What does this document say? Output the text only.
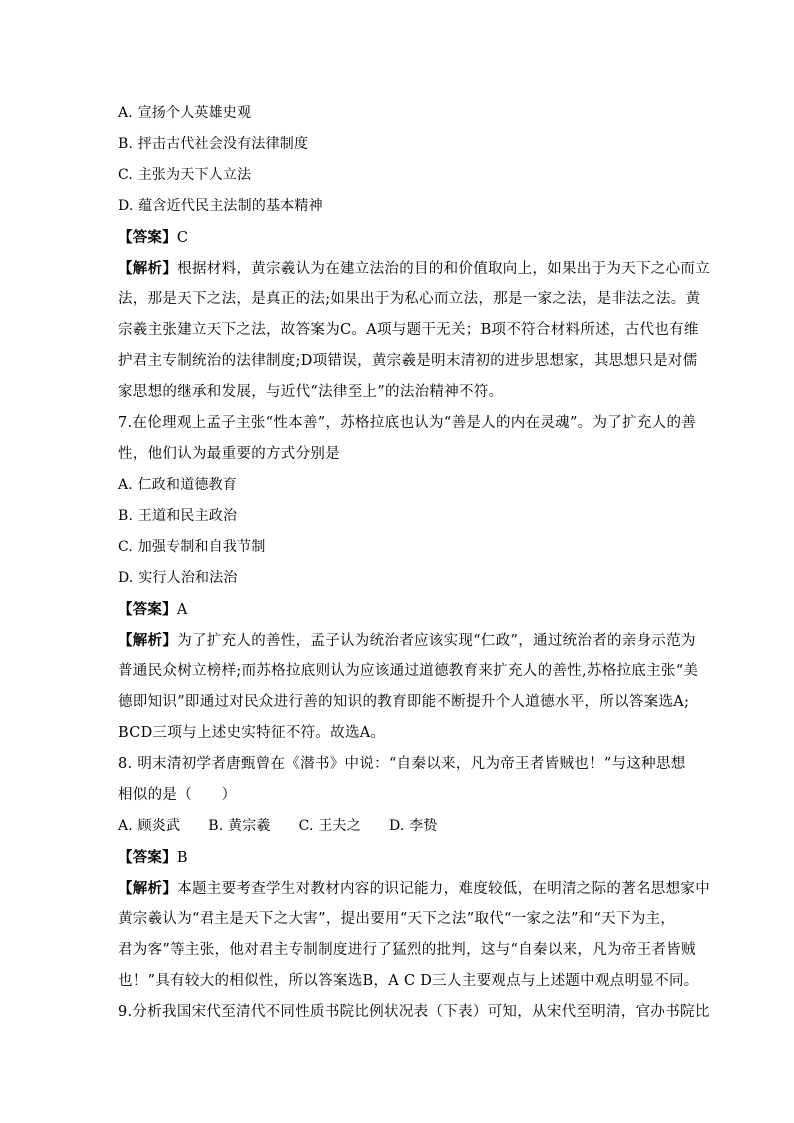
A. 宣扬个人英雄史观
B. 抨击古代社会没有法律制度
C. 主张为天下人立法
D. 蕴含近代民主法制的基本精神
【答案】C
【解析】根据材料，黄宗羲认为在建立法治的目的和价值取向上，如果出于为天下之心而立
法，那是天下之法，是真正的法;如果出于为私心而立法，那是一家之法，是非法之法。黄
宗羲主张建立天下之法，故答案为C。A项与题干无关；B项不符合材料所述，古代也有维
护君主专制统治的法律制度;D项错误，黄宗羲是明末清初的进步思想家，其思想只是对儒
家思想的继承和发展，与近代“法律至上”的法治精神不符。
7.在伦理观上孟子主张“性本善”，苏格拉底也认为“善是人的内在灵魂”。为了扩充人的善
性，他们认为最重要的方式分别是
A. 仁政和道德教育
B. 王道和民主政治
C. 加强专制和自我节制
D. 实行人治和法治
【答案】A
【解析】为了扩充人的善性，孟子认为统治者应该实现“仁政”，通过统治者的亲身示范为
普通民众树立榜样;而苏格拉底则认为应该通过道德教育来扩充人的善性,苏格拉底主张“美
德即知识”即通过对民众进行善的知识的教育即能不断提升个人道德水平，所以答案选A;
BCD三项与上述史实特征不符。故选A。
8. 明末清初学者唐甄曾在《潜书》中说：“自秦以来，凡为帝王者皆贼也！”与这种思想
相似的是（　　）
A. 顾炎武 B. 黄宗羲 C. 王夫之 D. 李贽
【答案】B
【解析】本题主要考查学生对教材内容的识记能力，难度较低，在明清之际的著名思想家中
黄宗羲认为“君主是天下之大害”，提出要用“天下之法”取代“一家之法”和“天下为主，
君为客”等主张，他对君主专制制度进行了猛烈的批判，这与“自秦以来，凡为帝王者皆贼
也！”具有较大的相似性，所以答案选B，A C D三人主要观点与上述题中观点明显不同。
9.分析我国宋代至清代不同性质书院比例状况表（下表）可知，从宋代至明清，官办书院比
